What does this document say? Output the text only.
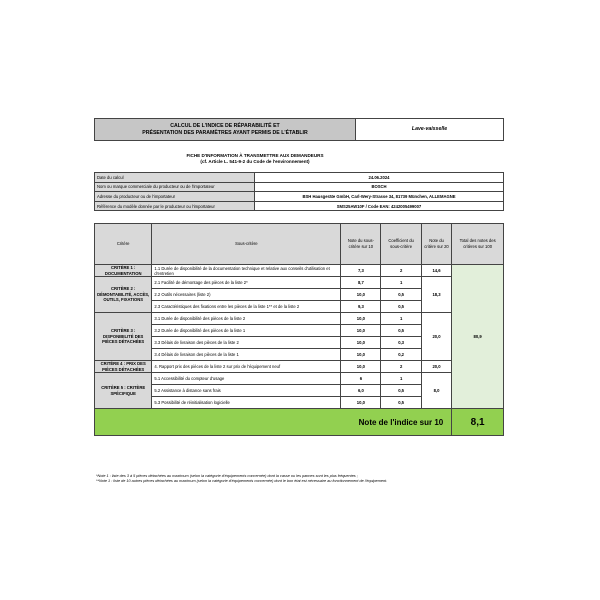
CALCUL DE L'INDICE DE RÉPARABILITÉ ET
PRÉSENTATION DES PARAMÈTRES AYANT PERMIS DE L'ÉTABLIR
	Lave-vaisselle
FICHE D'INFORMATION À TRANSMETTRE AUX DEMANDEURS
(cf. Article L. 541-9-2 du Code de l'environnement)
Date du calcul	24.06.2024
Nom ou marque commerciale du producteur ou de l'importateur	BOSCH
Adresse du producteur ou de l'importateur	BSH Hausgeräte GmbH, Carl-Wery-Strasse 34, 81739 München, ALLEMAGNE
Référence du modèle donnée par le producteur ou l'importateur	SMS25AW10F / Code EAN: 4242005499007
Critère	Sous-critère	Note du sous-critère sur 10	Coefficient du sous-critère	Note du critère sur 20	Total des notes des critères sur 100
CRITÈRE 1 : DOCUMENTATION	1.1 Durée de disponibilité de la documentation technique et relative aux conseils d'utilisation et d'entretien	7,3	2	14,6	80,9
CRITÈRE 2 : DÉMONTABILITÉ, ACCÈS, OUTILS, FIXATIONS	2.1 Facilité de démontage des pièces de la liste 2*	8,7	1	18,3	
	2.2 Outils nécessaires (liste 2)	10,0	0,5		
	2.3 Caractéristiques des fixations entre les pièces de la liste 1** et de la liste 2	9,3	0,5		
CRITÈRE 3 : DISPONIBILITÉ DES PIÈCES DÉTACHÉES	3.1 Durée de disponibilité des pièces de la liste 2	10,0	1	20,0	
	3.2 Durée de disponibilité des pièces de la liste 1	10,0	0,5		
	3.3 Délais de livraison des pièces de la liste 2	10,0	0,3		
	3.4 Délais de livraison des pièces de la liste 1	10,0	0,2		
CRITÈRE 4 : PRIX DES PIÈCES DÉTACHÉES	4. Rapport prix des pièces de la liste 2 sur prix de l'équipement neuf	10,0	2	20,0	
CRITÈRE 5 : CRITÈRE SPÉCIFIQUE	5.1 Accessibilité du compteur d'usage	6	1	8,0	
	5.2 Assistance à distance sans frais	6,0	0,5		
	5.3 Possibilité de réinitialisation logicielle	10,0	0,5		
Note de l'indice sur 10					8,1
*Note 1 : liste des 3 à 5 pièces détachées au maximum (selon la catégorie d'équipements concernée) dont la casse ou les pannes sont les plus fréquentes ;
**Note 1 : liste de 10 autres pièces détachées au maximum (selon la catégorie d'équipements concernée) dont le bon état est nécessaire au fonctionnement de l'équipement.
